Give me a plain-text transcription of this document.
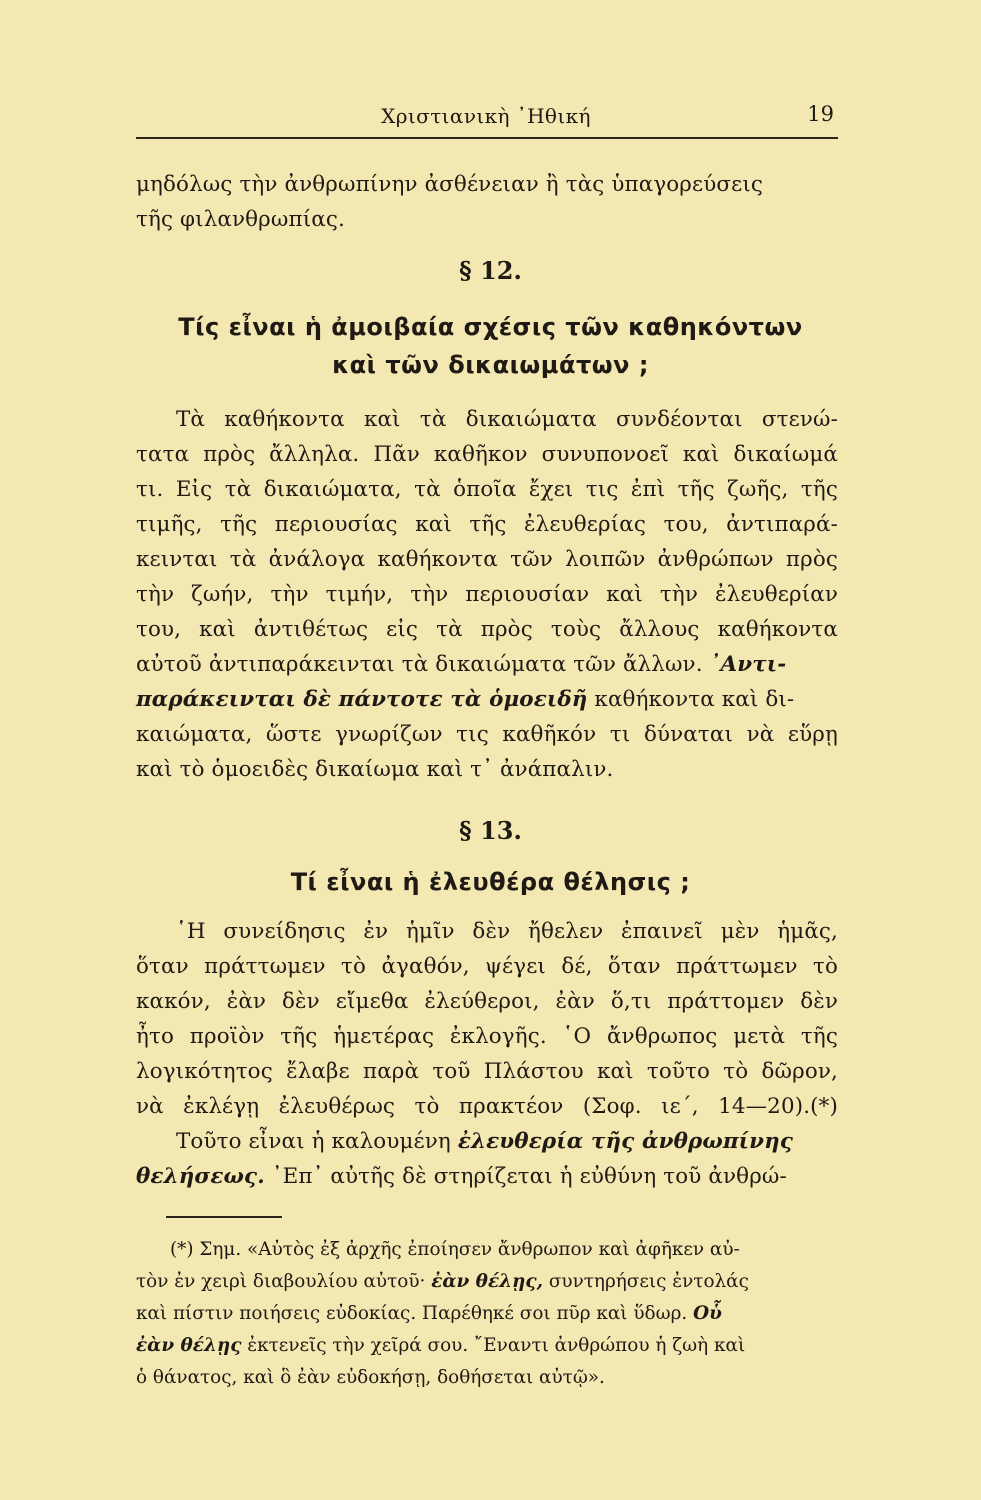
Χριστιανικὴ ᾿Ηθική	19
μηδόλως τὴν ἀνθρωπίνην ἀσθένειαν ἢ τὰς ὑπαγορεύσεις
τῆς φιλανθρωπίας.
§ 12.
Τίς εἶναι ἡ ἀμοιβαία σχέσις τῶν καθηκόντων
καὶ τῶν δικαιωμάτων ;
Τὰ καθήκοντα καὶ τὰ δικαιώματα συνδέονται στενώ-
τατα πρὸς ἄλληλα. Πᾶν καθῆκον συνυπονοεῖ καὶ δικαίωμά
τι. Εἰς τὰ δικαιώματα, τὰ ὁποῖα ἔχει τις ἐπὶ τῆς ζωῆς, τῆς
τιμῆς, τῆς περιουσίας καὶ τῆς ἐλευθερίας του, ἀντιπαρά-
κεινται τὰ ἀνάλογα καθήκοντα τῶν λοιπῶν ἀνθρώπων πρὸς
τὴν ζωήν, τὴν τιμήν, τὴν περιουσίαν καὶ τὴν ἐλευθερίαν
του, καὶ ἀντιθέτως εἰς τὰ πρὸς τοὺς ἄλλους καθήκοντα
αὐτοῦ ἀντιπαράκεινται τὰ δικαιώματα τῶν ἄλλων. ᾿Αντι-
παράκεινται δὲ πάντοτε τὰ ὁμοειδῆ καθήκοντα καὶ δι-
καιώματα, ὥστε γνωρίζων τις καθῆκόν τι δύναται νὰ εὕρῃ
καὶ τὸ ὁμοειδὲς δικαίωμα καὶ τ᾿ ἀνάπαλιν.
§ 13.
Τί εἶναι ἡ ἐλευθέρα θέλησις ;
῾Η συνείδησις ἐν ἡμῖν δὲν ἤθελεν ἐπαινεῖ μὲν ἡμᾶς,
ὅταν πράττωμεν τὸ ἀγαθόν, ψέγει δέ, ὅταν πράττωμεν τὸ
κακόν, ἐὰν δὲν εἴμεθα ἐλεύθεροι, ἐὰν ὅ,τι πράττομεν δὲν
ἦτο προϊὸν τῆς ἡμετέρας ἐκλογῆς. ῾Ο ἄνθρωπος μετὰ τῆς
λογικότητος ἔλαβε παρὰ τοῦ Πλάστου καὶ τοῦτο τὸ δῶρον,
νὰ ἐκλέγῃ ἐλευθέρως τὸ πρακτέον (Σοφ. ιε΄, 14—20).(*)
Τοῦτο εἶναι ἡ καλουμένη ἐλευθερία τῆς ἀνθρωπίνης
θελήσεως. ᾿Επ᾿ αὐτῆς δὲ στηρίζεται ἡ εὐθύνη τοῦ ἀνθρώ-
(*) Σημ. «Αὐτὸς ἐξ ἀρχῆς ἐποίησεν ἄνθρωπον καὶ ἀφῆκεν αὐ-
τὸν ἐν χειρὶ διαβουλίου αὐτοῦ· ἐὰν θέλῃς, συντηρήσεις ἐντολάς
καὶ πίστιν ποιήσεις εὐδοκίας. Παρέθηκέ σοι πῦρ καὶ ὕδωρ. Οὗ
ἐὰν θέλῃς ἐκτενεῖς τὴν χεῖρά σου. ῎Εναντι ἀνθρώπου ἡ ζωὴ καὶ
ὁ θάνατος, καὶ ὃ ἐὰν εὐδοκήσῃ, δοθήσεται αὐτῷ».
